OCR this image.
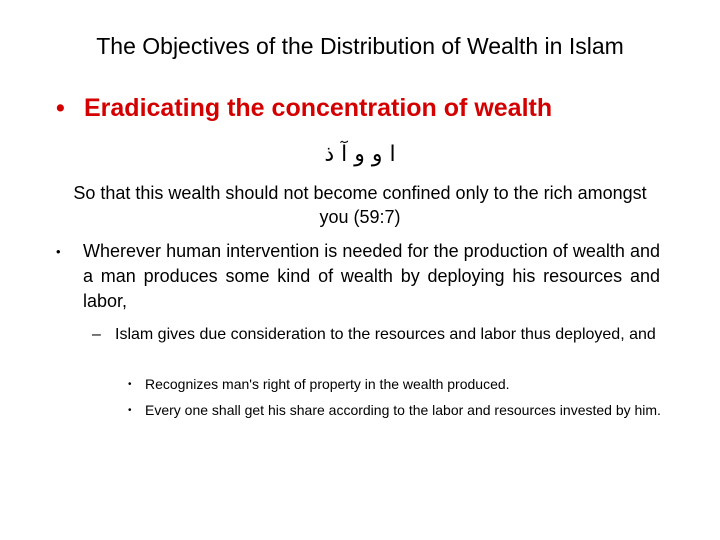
The Objectives of the Distribution of Wealth in Islam
• Eradicating the concentration of wealth
ا و و آ ذ
So that this wealth should not become confined only to the rich amongst you (59:7)
• Wherever human intervention is needed for the production of wealth and a man produces some kind of wealth by deploying his resources and labor,
– Islam gives due consideration to the resources and labor thus deployed, and
• Recognizes man's right of property in the wealth produced.
• Every one shall get his share according to the labor and resources invested by him.
